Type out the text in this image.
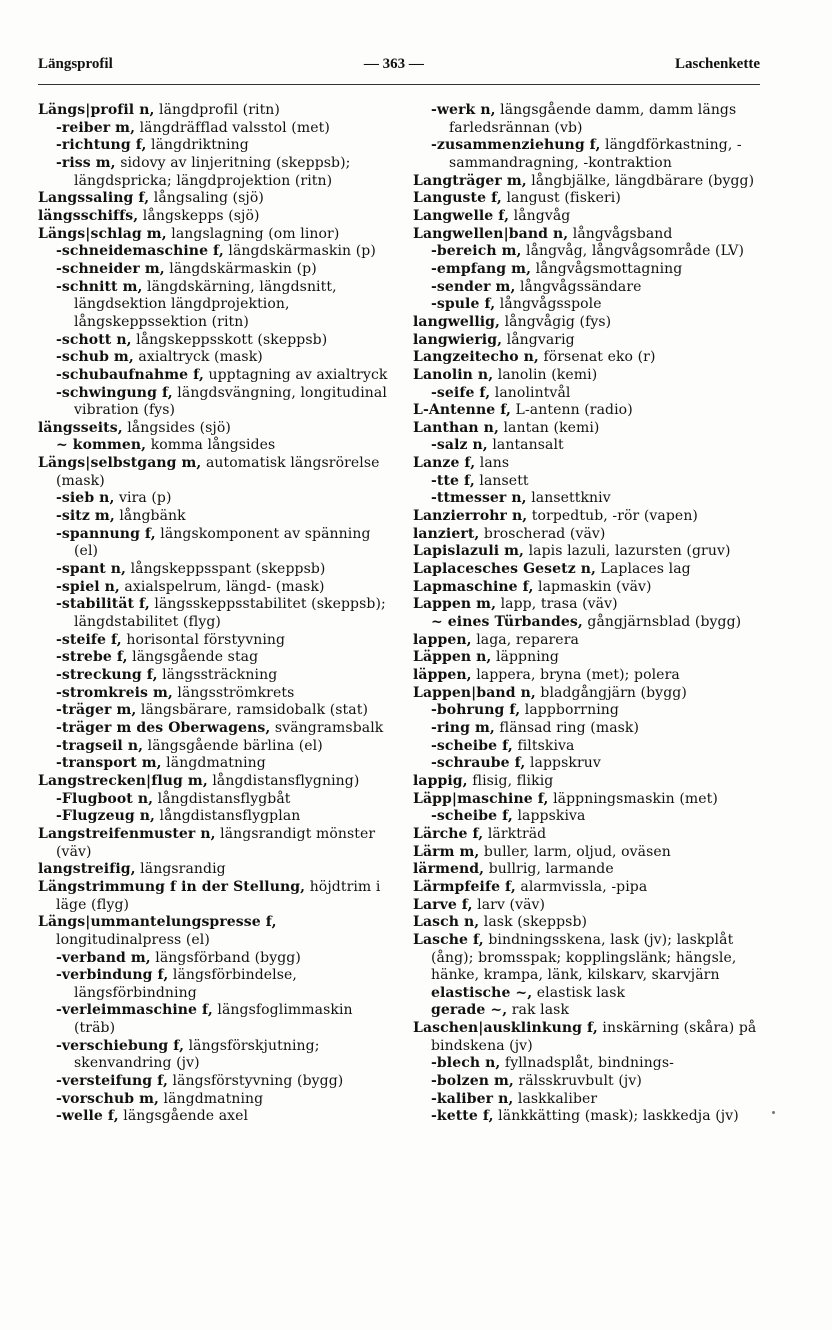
Längsprofil	— 363 —	Laschenkette
Längs|profil n, längdprofil (ritn)
-reiber m, längdräfflad valsstol (met)
-richtung f, längdriktning
-riss m, sidovy av linjeritning (skeppsb); längdspricka; längdprojektion (ritn)
Langssaling f, långsaling (sjö)
längsschiffs, långskepps (sjö)
Längs|schlag m, langslagning (om linor)
-schneidemaschine f, längdskärmaskin (p)
-schneider m, längdskärmaskin (p)
-schnitt m, längdskärning, längdsnitt, längdsektion längdprojektion, långskeppssektion (ritn)
-schott n, långskeppsskott (skeppsb)
-schub m, axialtryck (mask)
-schubaufnahme f, upptagning av axialtryck
-schwingung f, längdsvängning, longitudinal vibration (fys)
längsseits, långsides (sjö)
~ kommen, komma långsides
Längs|selbstgang m, automatisk längsrörelse (mask)
-sieb n, vira (p)
-sitz m, långbänk
-spannung f, längskomponent av spänning (el)
-spant n, långskeppsspant (skeppsb)
-spiel n, axialspelrum, längd- (mask)
-stabilität f, längsskeppsstabilitet (skeppsb); längdstabilitet (flyg)
-steife f, horisontal förstyvning
-strebe f, längsgående stag
-streckung f, längssträckning
-stromkreis m, längsströmkrets
-träger m, längsbärare, ramsidobalk (stat)
-träger m des Oberwagens, svängramsbalk
-tragseil n, längsgående bärlina (el)
-transport m, längdmatning
Langstrecken|flug m, långdistansflygning)
-Flugboot n, långdistansflygbåt
-Flugzeug n, långdistansflygplan
Langstreifenmuster n, längsrandigt mönster (väv)
langstreifig, längsrandig
Längstrimmung f in der Stellung, höjdtrim i läge (flyg)
Längs|ummantelungspresse f, longitudinalpress (el)
-verband m, längsförband (bygg)
-verbindung f, längsförbindelse, längsförbindning
-verleimmaschine f, längsfoglimmaskin (träb)
-verschiebung f, längsförskjutning; skenvandring (jv)
-versteifung f, längsförstyvning (bygg)
-vorschub m, längdmatning
-welle f, längsgående axel
-werk n, längsgående damm, damm längs farledsrännan (vb)
-zusammenziehung f, längdförkastning, -sammandragning, -kontraktion
Langträger m, långbjälke, längdbärare (bygg)
Languste f, langust (fiskeri)
Langwelle f, långvåg
Langwellen|band n, långvågsband
-bereich m, långvåg, långvågsområde (LV)
-empfang m, långvågsmottagning
-sender m, långvågssändare
-spule f, långvågsspole
langwellig, långvågig (fys)
langwierig, långvarig
Langzeitecho n, försenat eko (r)
Lanolin n, lanolin (kemi)
-seife f, lanolintvål
L-Antenne f, L-antenn (radio)
Lanthan n, lantan (kemi)
-salz n, lantansalt
Lanze f, lans
-tte f, lansett
-ttmesser n, lansettkniv
Lanzierrohr n, torpedtub, -rör (vapen)
lanziert, broscherad (väv)
Lapislazuli m, lapis lazuli, lazursten (gruv)
Laplacesches Gesetz n, Laplaces lag
Lapmaschine f, lapmaskin (väv)
Lappen m, lapp, trasa (väv)
~ eines Türbandes, gångjärnsblad (bygg)
lappen, laga, reparera
Läppen n, läppning
läppen, lappera, bryna (met); polera
Lappen|band n, bladgångjärn (bygg)
-bohrung f, lappborrning
-ring m, flänsad ring (mask)
-scheibe f, filtskiva
-schraube f, lappskruv
lappig, flisig, flikig
Läpp|maschine f, läppningsmaskin (met)
-scheibe f, lappskiva
Lärche f, lärkträd
Lärm m, buller, larm, oljud, oväsen
lärmend, bullrig, larmande
Lärmpfeife f, alarmvissla, -pipa
Larve f, larv (väv)
Lasch n, lask (skeppsb)
Lasche f, bindningsskena, lask (jv); laskplåt (ång); bromsspak; kopplingslänk; hängsle, hänke, krampa, länk, kilskarv, skarvjärn
elastische ~, elastisk lask
gerade ~, rak lask
Laschen|ausklinkung f, inskärning (skåra) på bindskena (jv)
-blech n, fyllnadsplåt, bindnings-
-bolzen m, rälsskruvbult (jv)
-kaliber n, laskkaliber
-kette f, länkkätting (mask); laskkedja (jv)
